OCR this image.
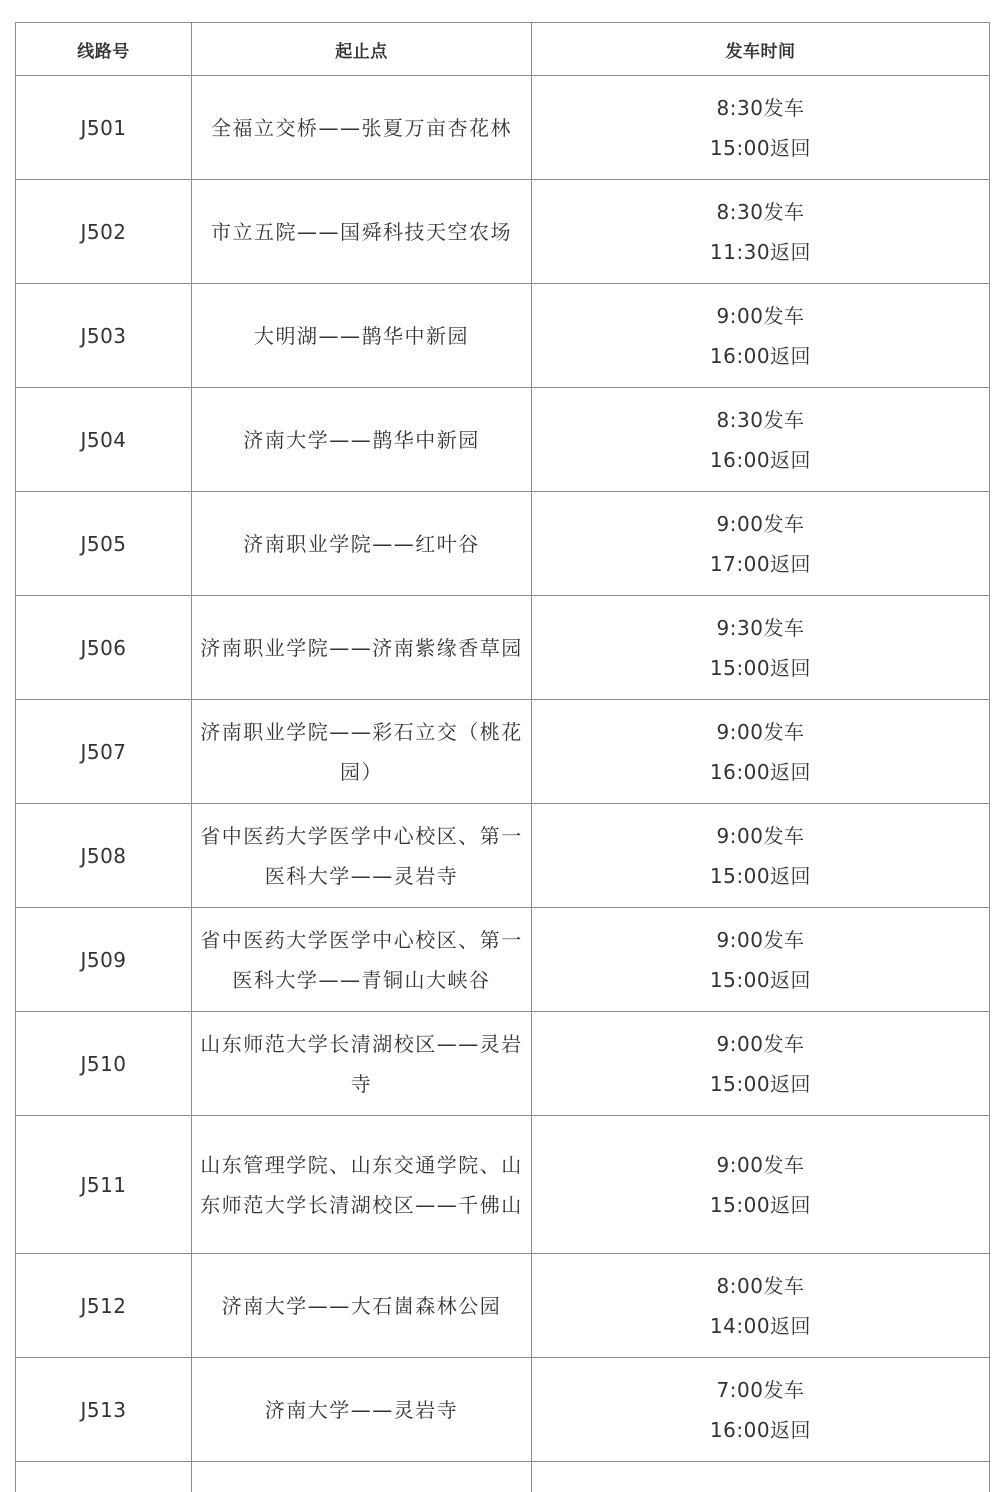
线路号	起止点	发车时间
J501	全福立交桥——张夏万亩杏花林	8:30发车
15:00返回

J502	市立五院——国舜科技天空农场	8:30发车
11:30返回

J503	大明湖——鹊华中新园	9:00发车
16:00返回

J504	济南大学——鹊华中新园	8:30发车
16:00返回

J505	济南职业学院——红叶谷	9:00发车
17:00返回

J506	济南职业学院——济南紫缘香草园	9:30发车
15:00返回

J507	济南职业学院——彩石立交（桃花园）	9:00发车
16:00返回

J508	省中医药大学医学中心校区、第一医科大学——灵岩寺	9:00发车
15:00返回

J509	省中医药大学医学中心校区、第一医科大学——青铜山大峡谷	9:00发车
15:00返回

J510	山东师范大学长清湖校区——灵岩寺	9:00发车
15:00返回

J511	山东管理学院、山东交通学院、山东师范大学长清湖校区——千佛山	9:00发车
15:00返回

J512	济南大学——大石崮森林公园	8:00发车
14:00返回

J513	济南大学——灵岩寺	7:00发车
16:00返回
